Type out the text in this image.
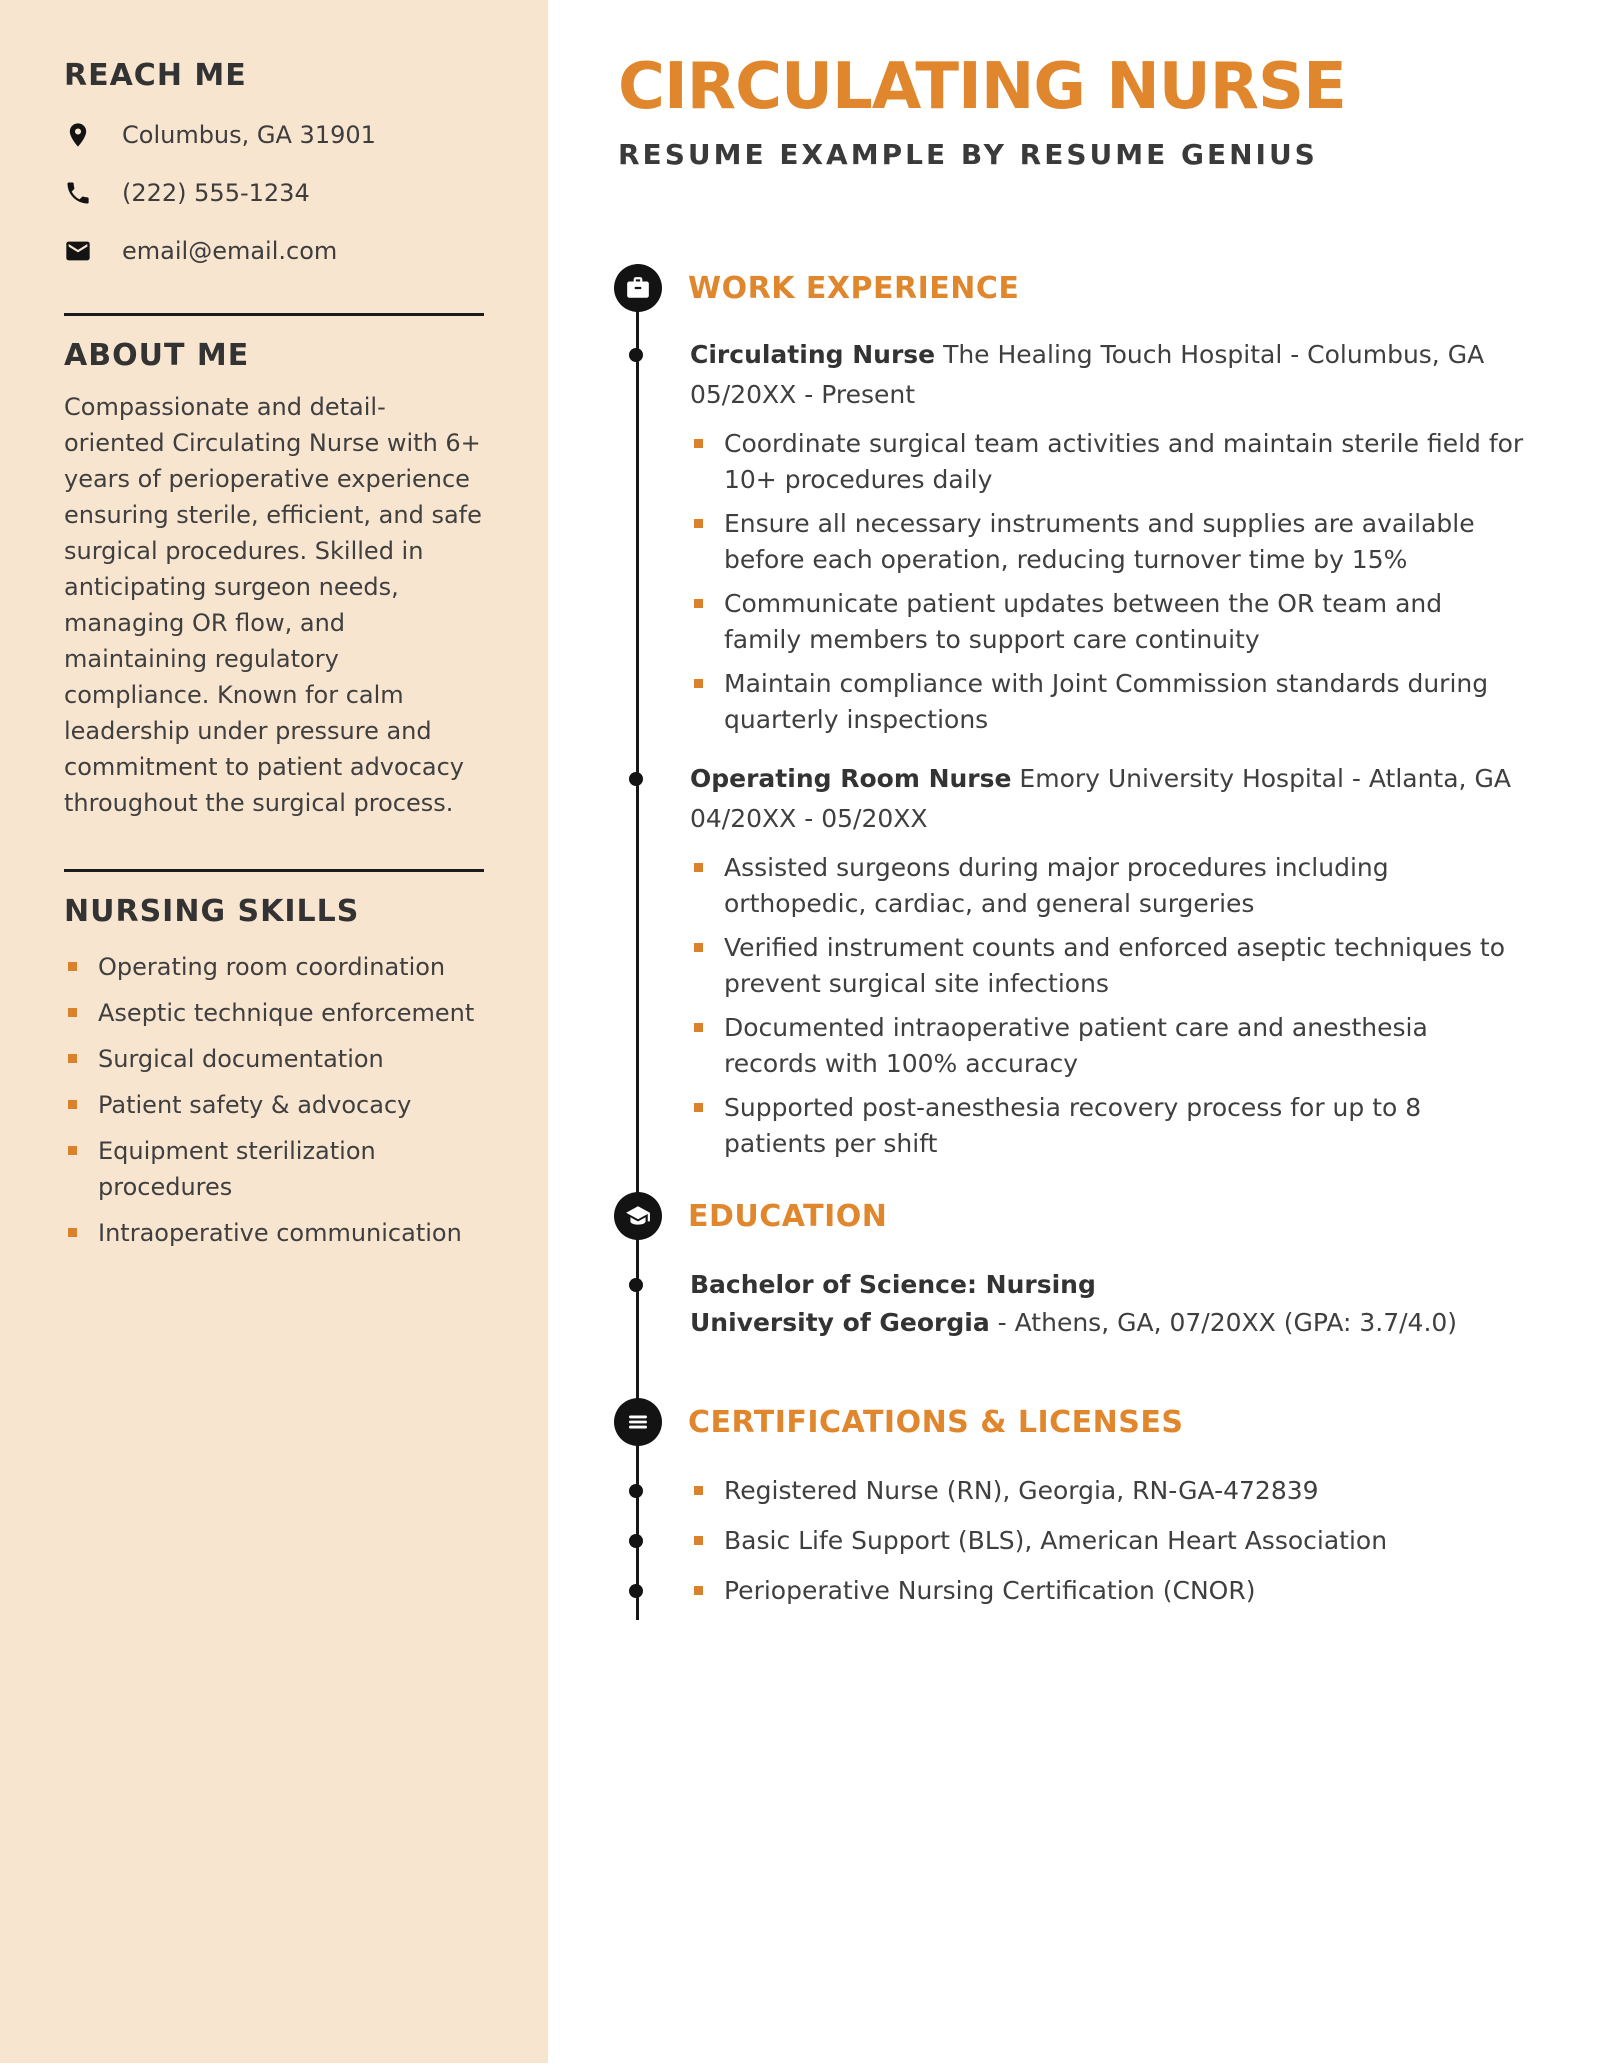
REACH ME
Columbus, GA 31901
(222) 555-1234
email@email.com
ABOUT ME

Compassionate and detail-oriented Circulating Nurse with 6+ years of perioperative experience ensuring sterile, efficient, and safe surgical procedures. Skilled in anticipating surgeon needs, managing OR flow, and maintaining regulatory compliance. Known for calm leadership under pressure and commitment to patient advocacy throughout the surgical process.

NURSING SKILLS
Operating room coordination
Aseptic technique enforcement
Surgical documentation
Patient safety & advocacy
Equipment sterilization procedures
Intraoperative communication
CIRCULATING NURSE
RESUME EXAMPLE BY RESUME GENIUS
WORK EXPERIENCE
Circulating Nurse The Healing Touch Hospital - Columbus, GA
05/20XX - Present
Coordinate surgical team activities and maintain sterile field for 10+ procedures daily
Ensure all necessary instruments and supplies are available before each operation, reducing turnover time by 15%
Communicate patient updates between the OR team and family members to support care continuity
Maintain compliance with Joint Commission standards during quarterly inspections
Operating Room Nurse Emory University Hospital - Atlanta, GA
04/20XX - 05/20XX
Assisted surgeons during major procedures including orthopedic, cardiac, and general surgeries
Verified instrument counts and enforced aseptic techniques to prevent surgical site infections
Documented intraoperative patient care and anesthesia records with 100% accuracy
Supported post-anesthesia recovery process for up to 8 patients per shift
EDUCATION
Bachelor of Science: Nursing
University of Georgia - Athens, GA, 07/20XX (GPA: 3.7/4.0)
CERTIFICATIONS & LICENSES
Registered Nurse (RN), Georgia, RN-GA-472839
Basic Life Support (BLS), American Heart Association
Perioperative Nursing Certification (CNOR)
